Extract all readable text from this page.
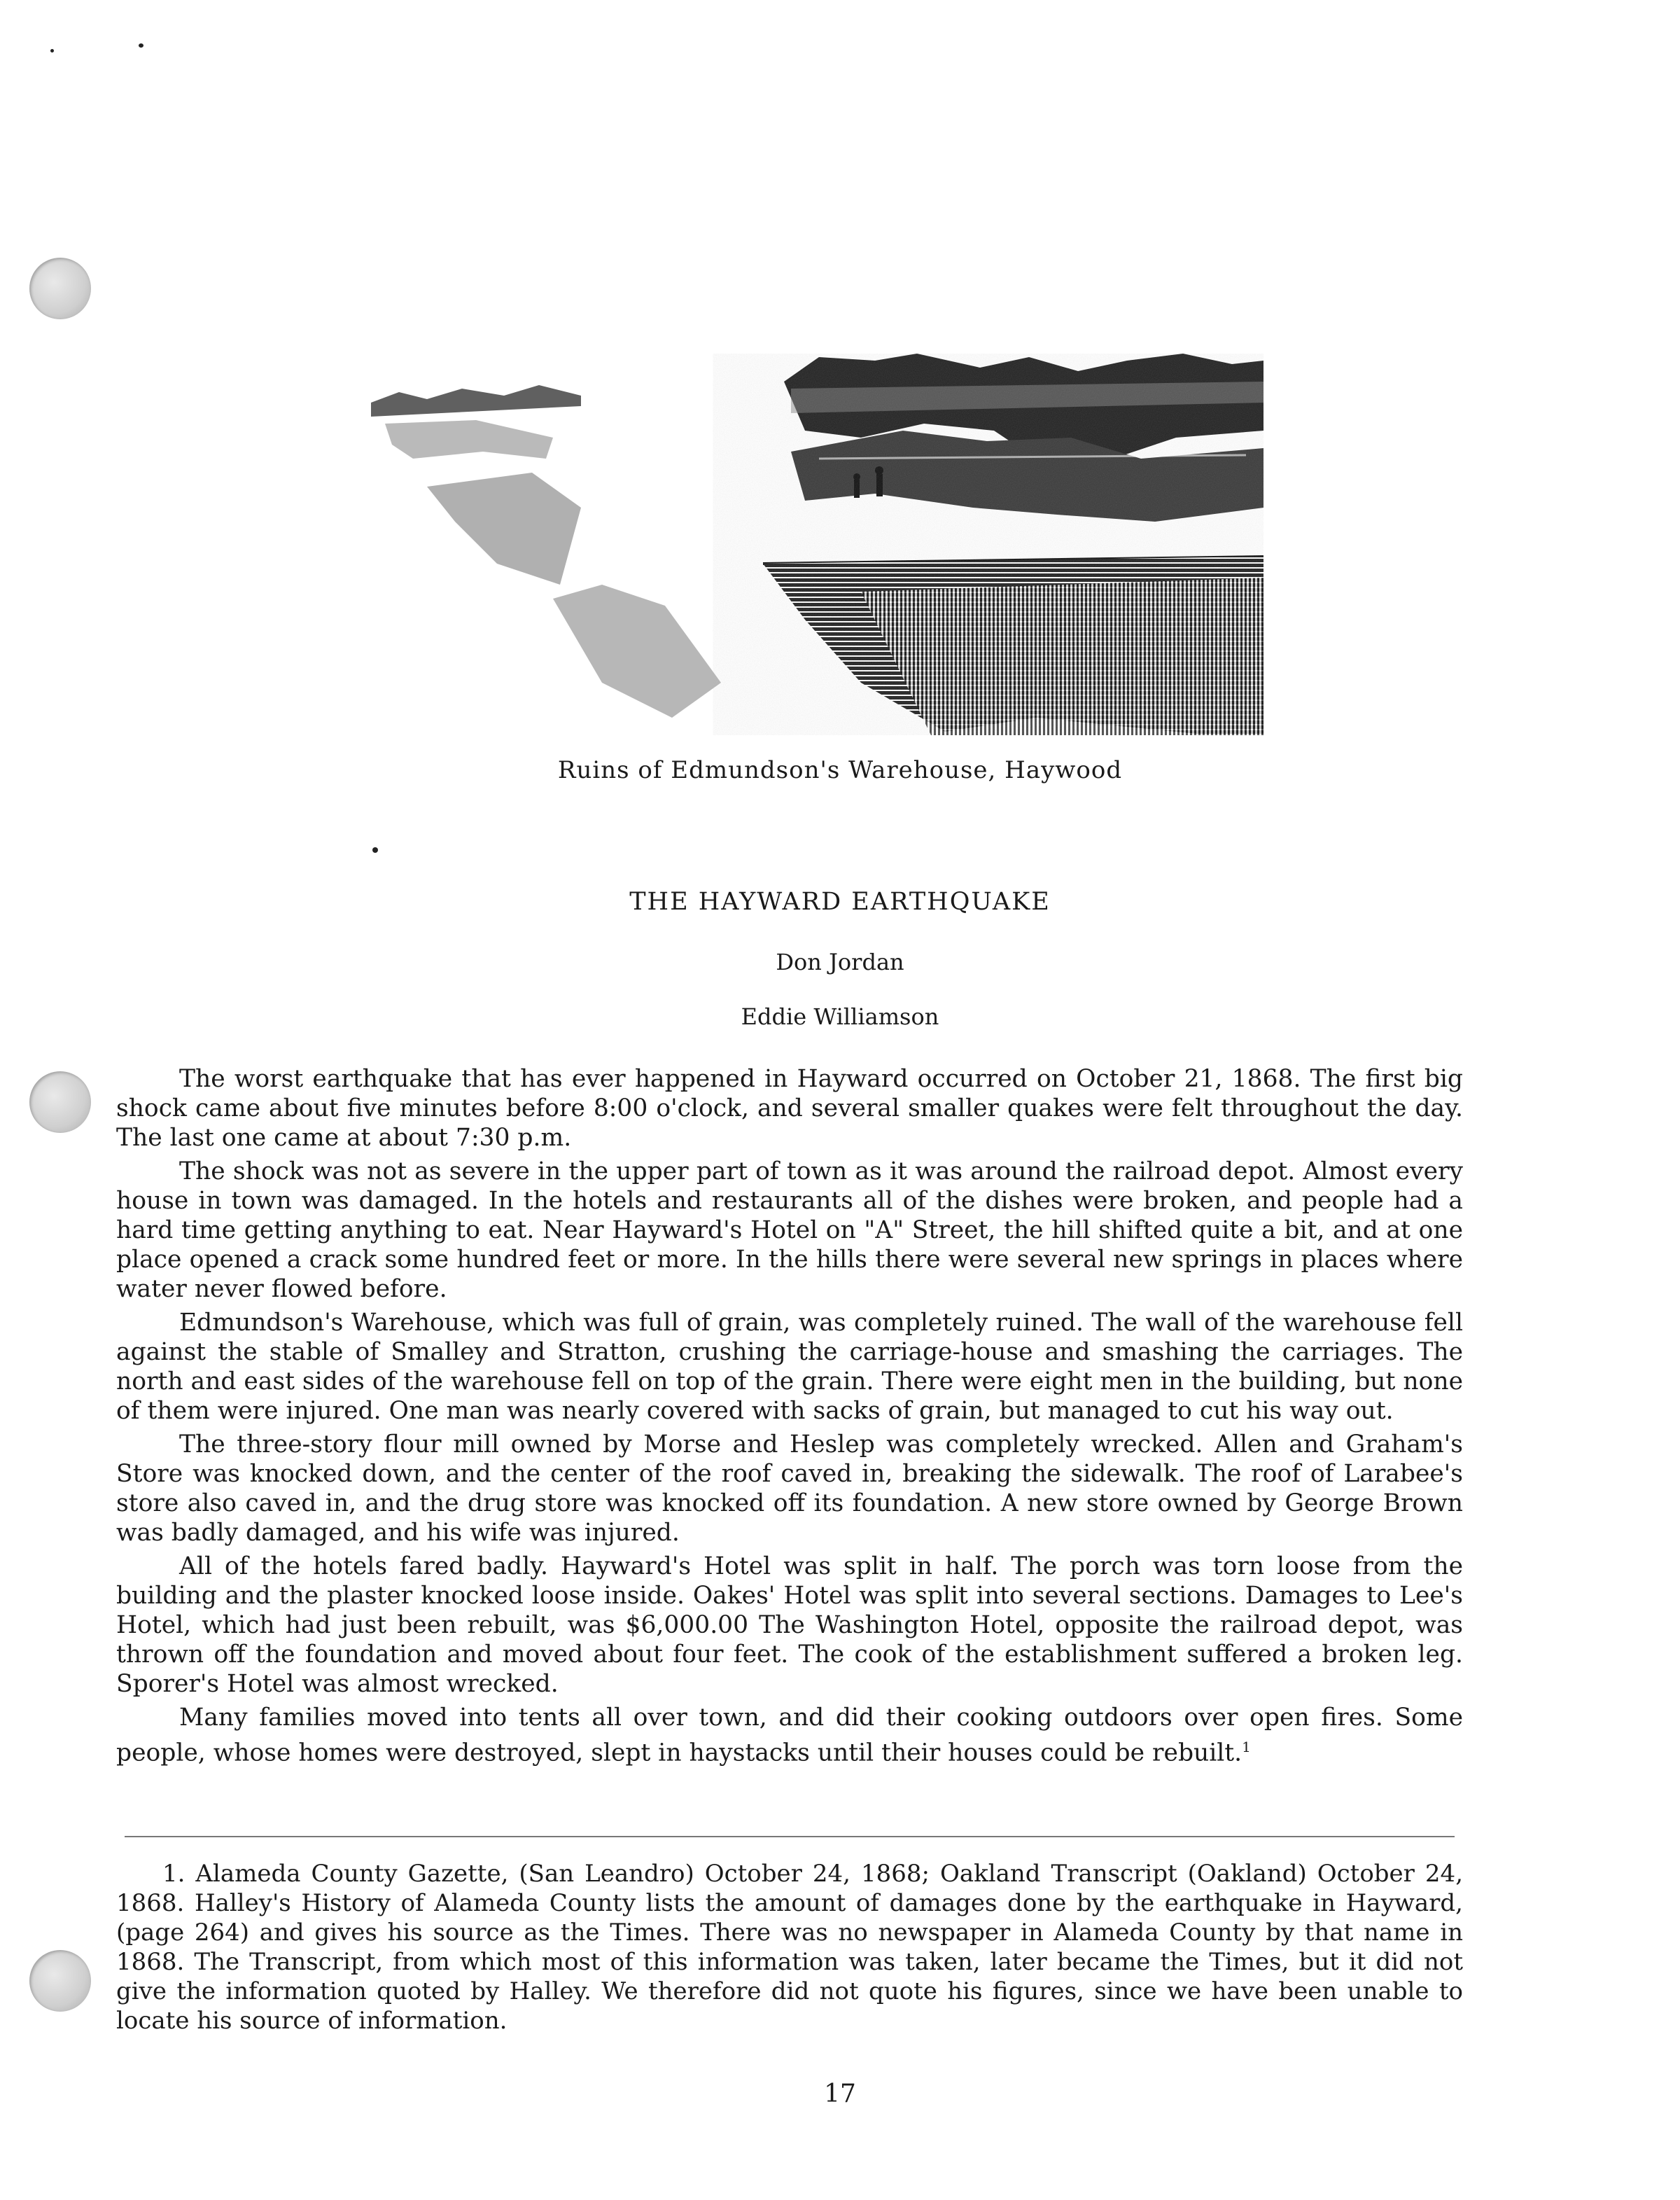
Ruins of Edmundson's Warehouse, Haywood
THE HAYWARD EARTHQUAKE
Don Jordan
Eddie Williamson

The worst earthquake that has ever happened in Hayward occurred on October 21, 1868. The first big shock came about five minutes before 8:00 o'clock, and several smaller quakes were felt throughout the day. The last one came at about 7:30 p.m.

The shock was not as severe in the upper part of town as it was around the railroad depot. Almost every house in town was damaged. In the hotels and restaurants all of the dishes were broken, and people had a hard time getting anything to eat. Near Hayward's Hotel on "A" Street, the hill shifted quite a bit, and at one place opened a crack some hundred feet or more. In the hills there were several new springs in places where water never flowed before.

Edmundson's Warehouse, which was full of grain, was completely ruined. The wall of the warehouse fell against the stable of Smalley and Stratton, crushing the carriage-house and smashing the carriages. The north and east sides of the warehouse fell on top of the grain. There were eight men in the building, but none of them were injured. One man was nearly covered with sacks of grain, but managed to cut his way out.

The three-story flour mill owned by Morse and Heslep was completely wrecked. Allen and Graham's Store was knocked down, and the center of the roof caved in, breaking the sidewalk. The roof of Larabee's store also caved in, and the drug store was knocked off its foundation. A new store owned by George Brown was badly damaged, and his wife was injured.

All of the hotels fared badly. Hayward's Hotel was split in half. The porch was torn loose from the building and the plaster knocked loose inside. Oakes' Hotel was split into several sections. Damages to Lee's Hotel, which had just been rebuilt, was $6,000.00 The Washington Hotel, opposite the railroad depot, was thrown off the foundation and moved about four feet. The cook of the establishment suffered a broken leg. Sporer's Hotel was almost wrecked.

Many families moved into tents all over town, and did their cooking outdoors over open fires. Some people, whose homes were destroyed, slept in haystacks until their houses could be rebuilt.$^1$

1. Alameda County Gazette, (San Leandro) October 24, 1868; Oakland Transcript (Oakland) October 24, 1868. Halley's History of Alameda County lists the amount of damages done by the earthquake in Hayward, (page 264) and gives his source as the Times. There was no newspaper in Alameda County by that name in 1868. The Transcript, from which most of this information was taken, later became the Times, but it did not give the information quoted by Halley. We therefore did not quote his figures, since we have been unable to locate his source of information.

17
